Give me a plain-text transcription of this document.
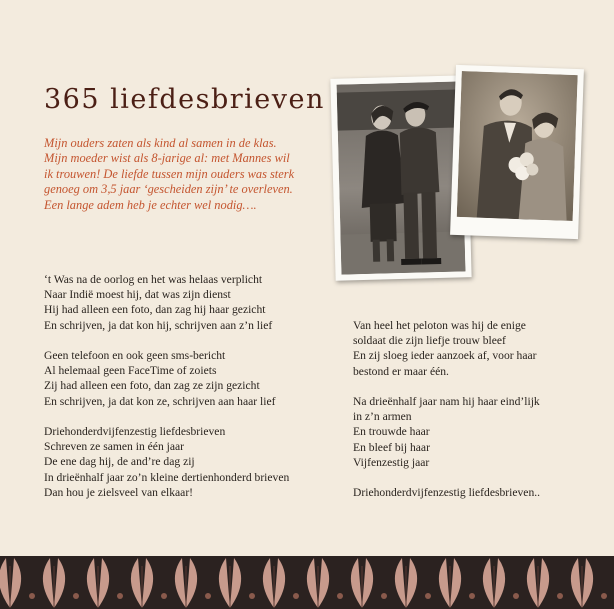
365 liefdesbrieven
Mijn ouders zaten als kind al samen in de klas.
Mijn moeder wist als 8-jarige al: met Mannes wil
ik trouwen! De liefde tussen mijn ouders was sterk
genoeg om 3,5 jaar ‘gescheiden zijn’ te overleven.
Een lange adem heb je echter wel nodig….
‘t Was na de oorlog en het was helaas verplicht
Naar Indië moest hij, dat was zijn dienst
Hij had alleen een foto, dan zag hij haar gezicht
En schrijven, ja dat kon hij, schrijven aan z’n lief
Geen telefoon en ook geen sms-bericht
Al helemaal geen FaceTime of zoiets
Zij had alleen een foto, dan zag ze zijn gezicht
En schrijven, ja dat kon ze, schrijven aan haar lief
Driehonderdvijfenzestig liefdesbrieven
Schreven ze samen in één jaar
De ene dag hij, de and’re dag zij
In drieënhalf jaar zo’n kleine dertienhonderd brieven
Dan hou je zielsveel van elkaar!
Van heel het peloton was hij de enige
soldaat die zijn liefje trouw bleef
En zij sloeg ieder aanzoek af, voor haar
bestond er maar één.
Na drieënhalf jaar nam hij haar eind’lijk
in z’n armen
En trouwde haar
En bleef bij haar
Vijfenzestig jaar
Driehonderdvijfenzestig liefdesbrieven..
